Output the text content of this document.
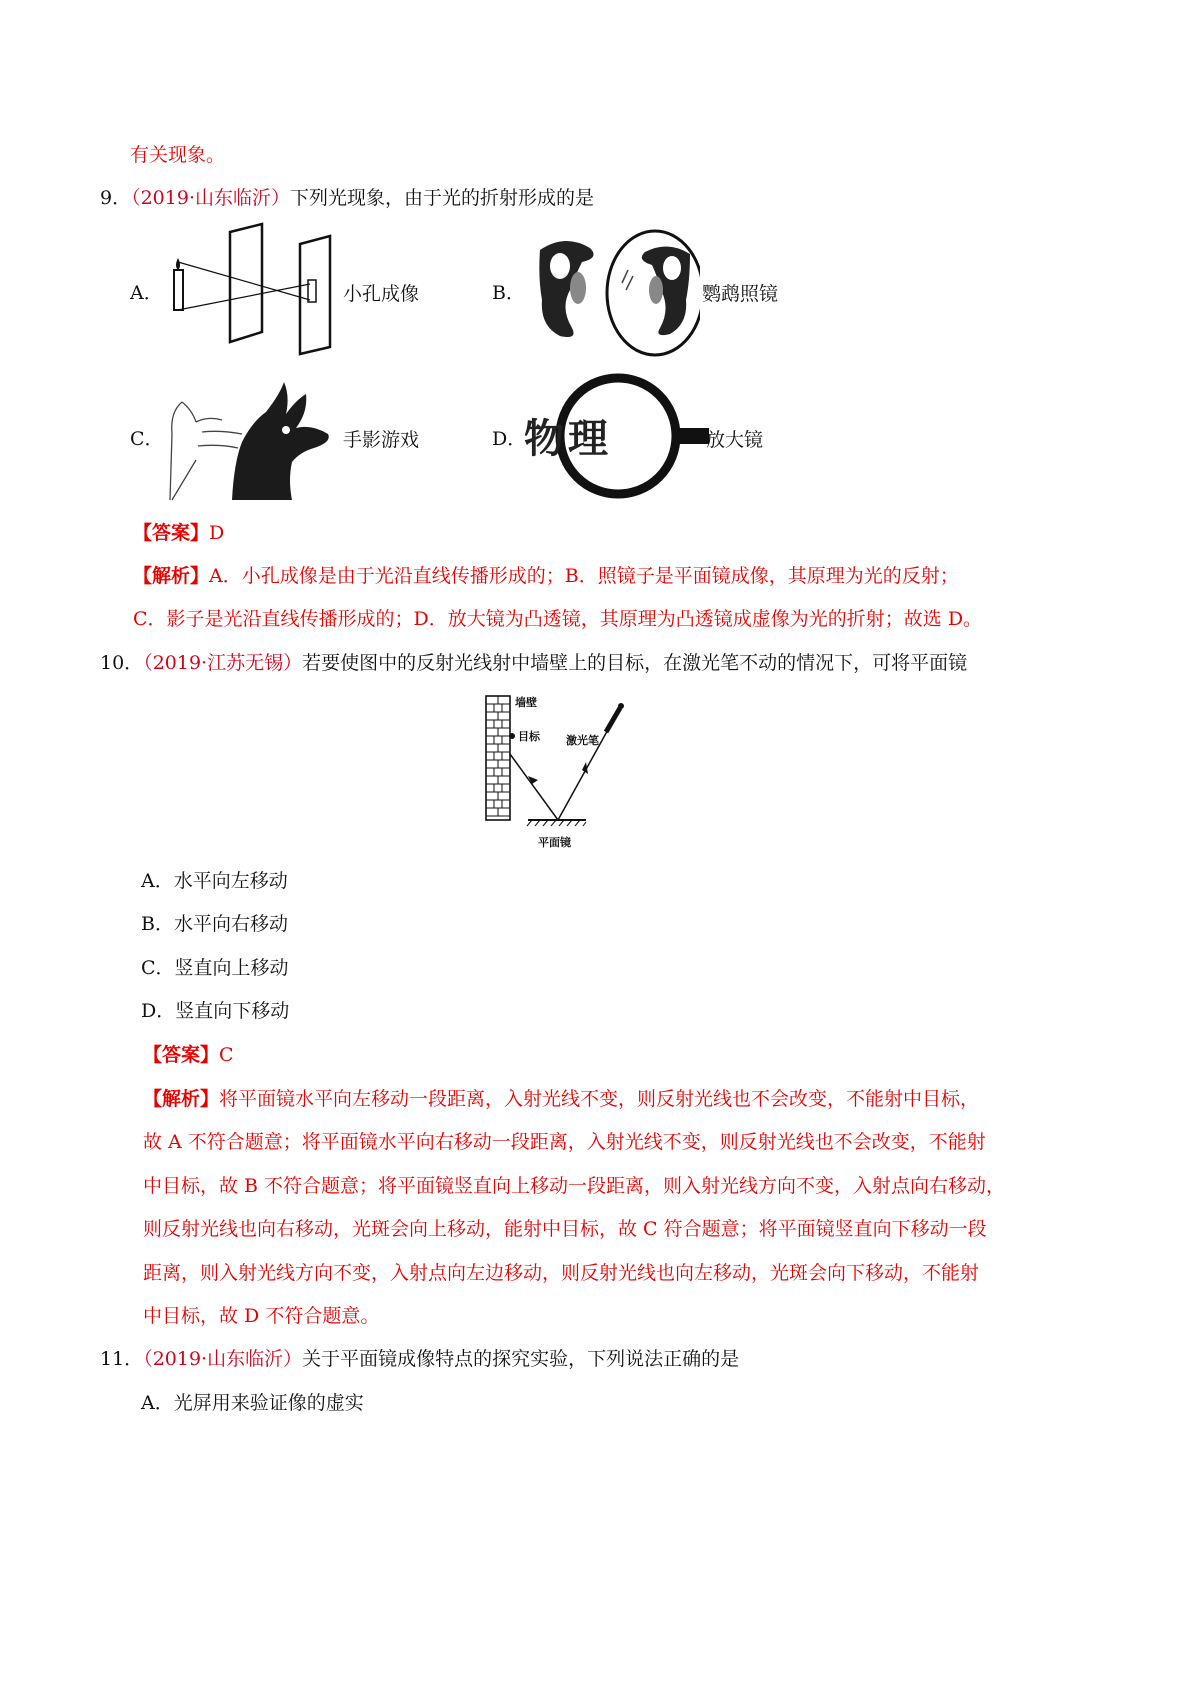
有关现象。
9．（2019·山东临沂）下列光现象，由于光的折射形成的是
A．	小孔成像	B．	鹦鹉照镜
C．	手影游戏	D．
物理	放大镜
【答案】D
【解析】A．小孔成像是由于光沿直线传播形成的；B．照镜子是平面镜成像，其原理为光的反射；
C．影子是光沿直线传播形成的；D．放大镜为凸透镜，其原理为凸透镜成虚像为光的折射；故选 D。
10．（2019·江苏无锡）若要使图中的反射光线射中墙壁上的目标，在激光笔不动的情况下，可将平面镜
墙壁
目标 激光笔
平面镜
A．水平向左移动
B．水平向右移动
C．竖直向上移动
D．竖直向下移动
【答案】C
【解析】将平面镜水平向左移动一段距离，入射光线不变，则反射光线也不会改变，不能射中目标，
故 A 不符合题意；将平面镜水平向右移动一段距离，入射光线不变，则反射光线也不会改变，不能射
中目标，故 B 不符合题意；将平面镜竖直向上移动一段距离，则入射光线方向不变，入射点向右移动，
则反射光线也向右移动，光斑会向上移动，能射中目标，故 C 符合题意；将平面镜竖直向下移动一段
距离，则入射光线方向不变，入射点向左边移动，则反射光线也向左移动，光斑会向下移动，不能射
中目标，故 D 不符合题意。
11．（2019·山东临沂）关于平面镜成像特点的探究实验，下列说法正确的是
A．光屏用来验证像的虚实
